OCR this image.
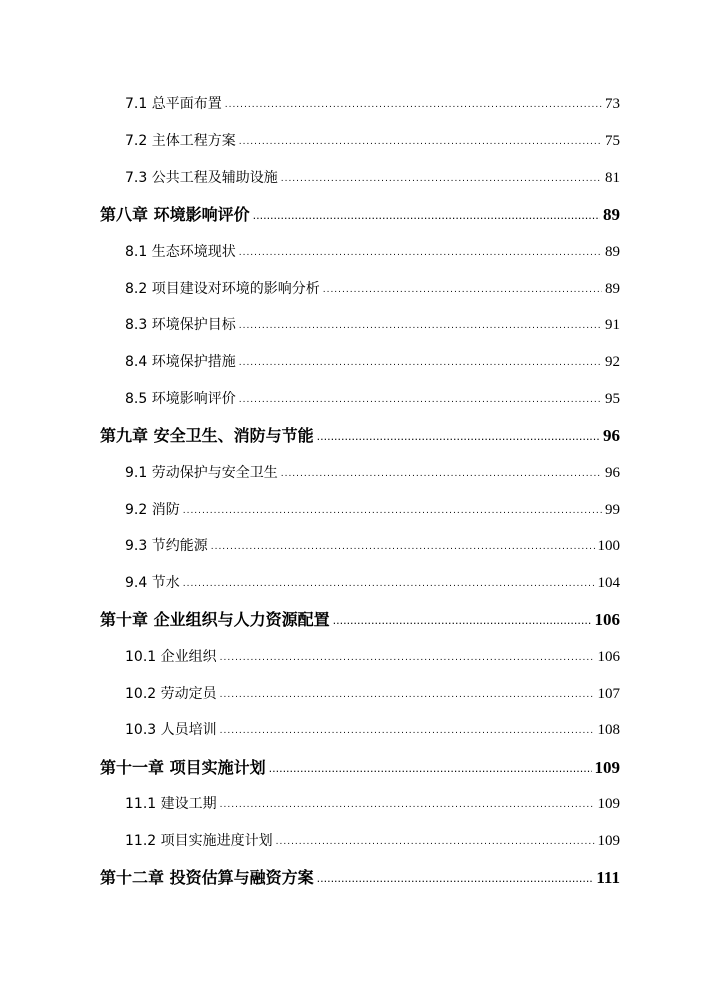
7.1 总平面布置 .....	73
7.2 主体工程方案 .....	75
7.3 公共工程及辅助设施 .....	81
第八章 环境影响评价 .....	89
8.1 生态环境现状 .....	89
8.2 项目建设对环境的影响分析 .....	89
8.3 环境保护目标 .....	91
8.4 环境保护措施 .....	92
8.5 环境影响评价 .....	95
第九章 安全卫生、消防与节能 .....	96
9.1 劳动保护与安全卫生 .....	96
9.2 消防 .....	99
9.3 节约能源 .....	100
9.4 节水 .....	104
第十章 企业组织与人力资源配置 .....	106
10.1 企业组织 .....	106
10.2 劳动定员 .....	107
10.3 人员培训 .....	108
第十一章 项目实施计划 .....	109
11.1 建设工期 .....	109
11.2 项目实施进度计划 .....	109
第十二章 投资估算与融资方案 .....	111
